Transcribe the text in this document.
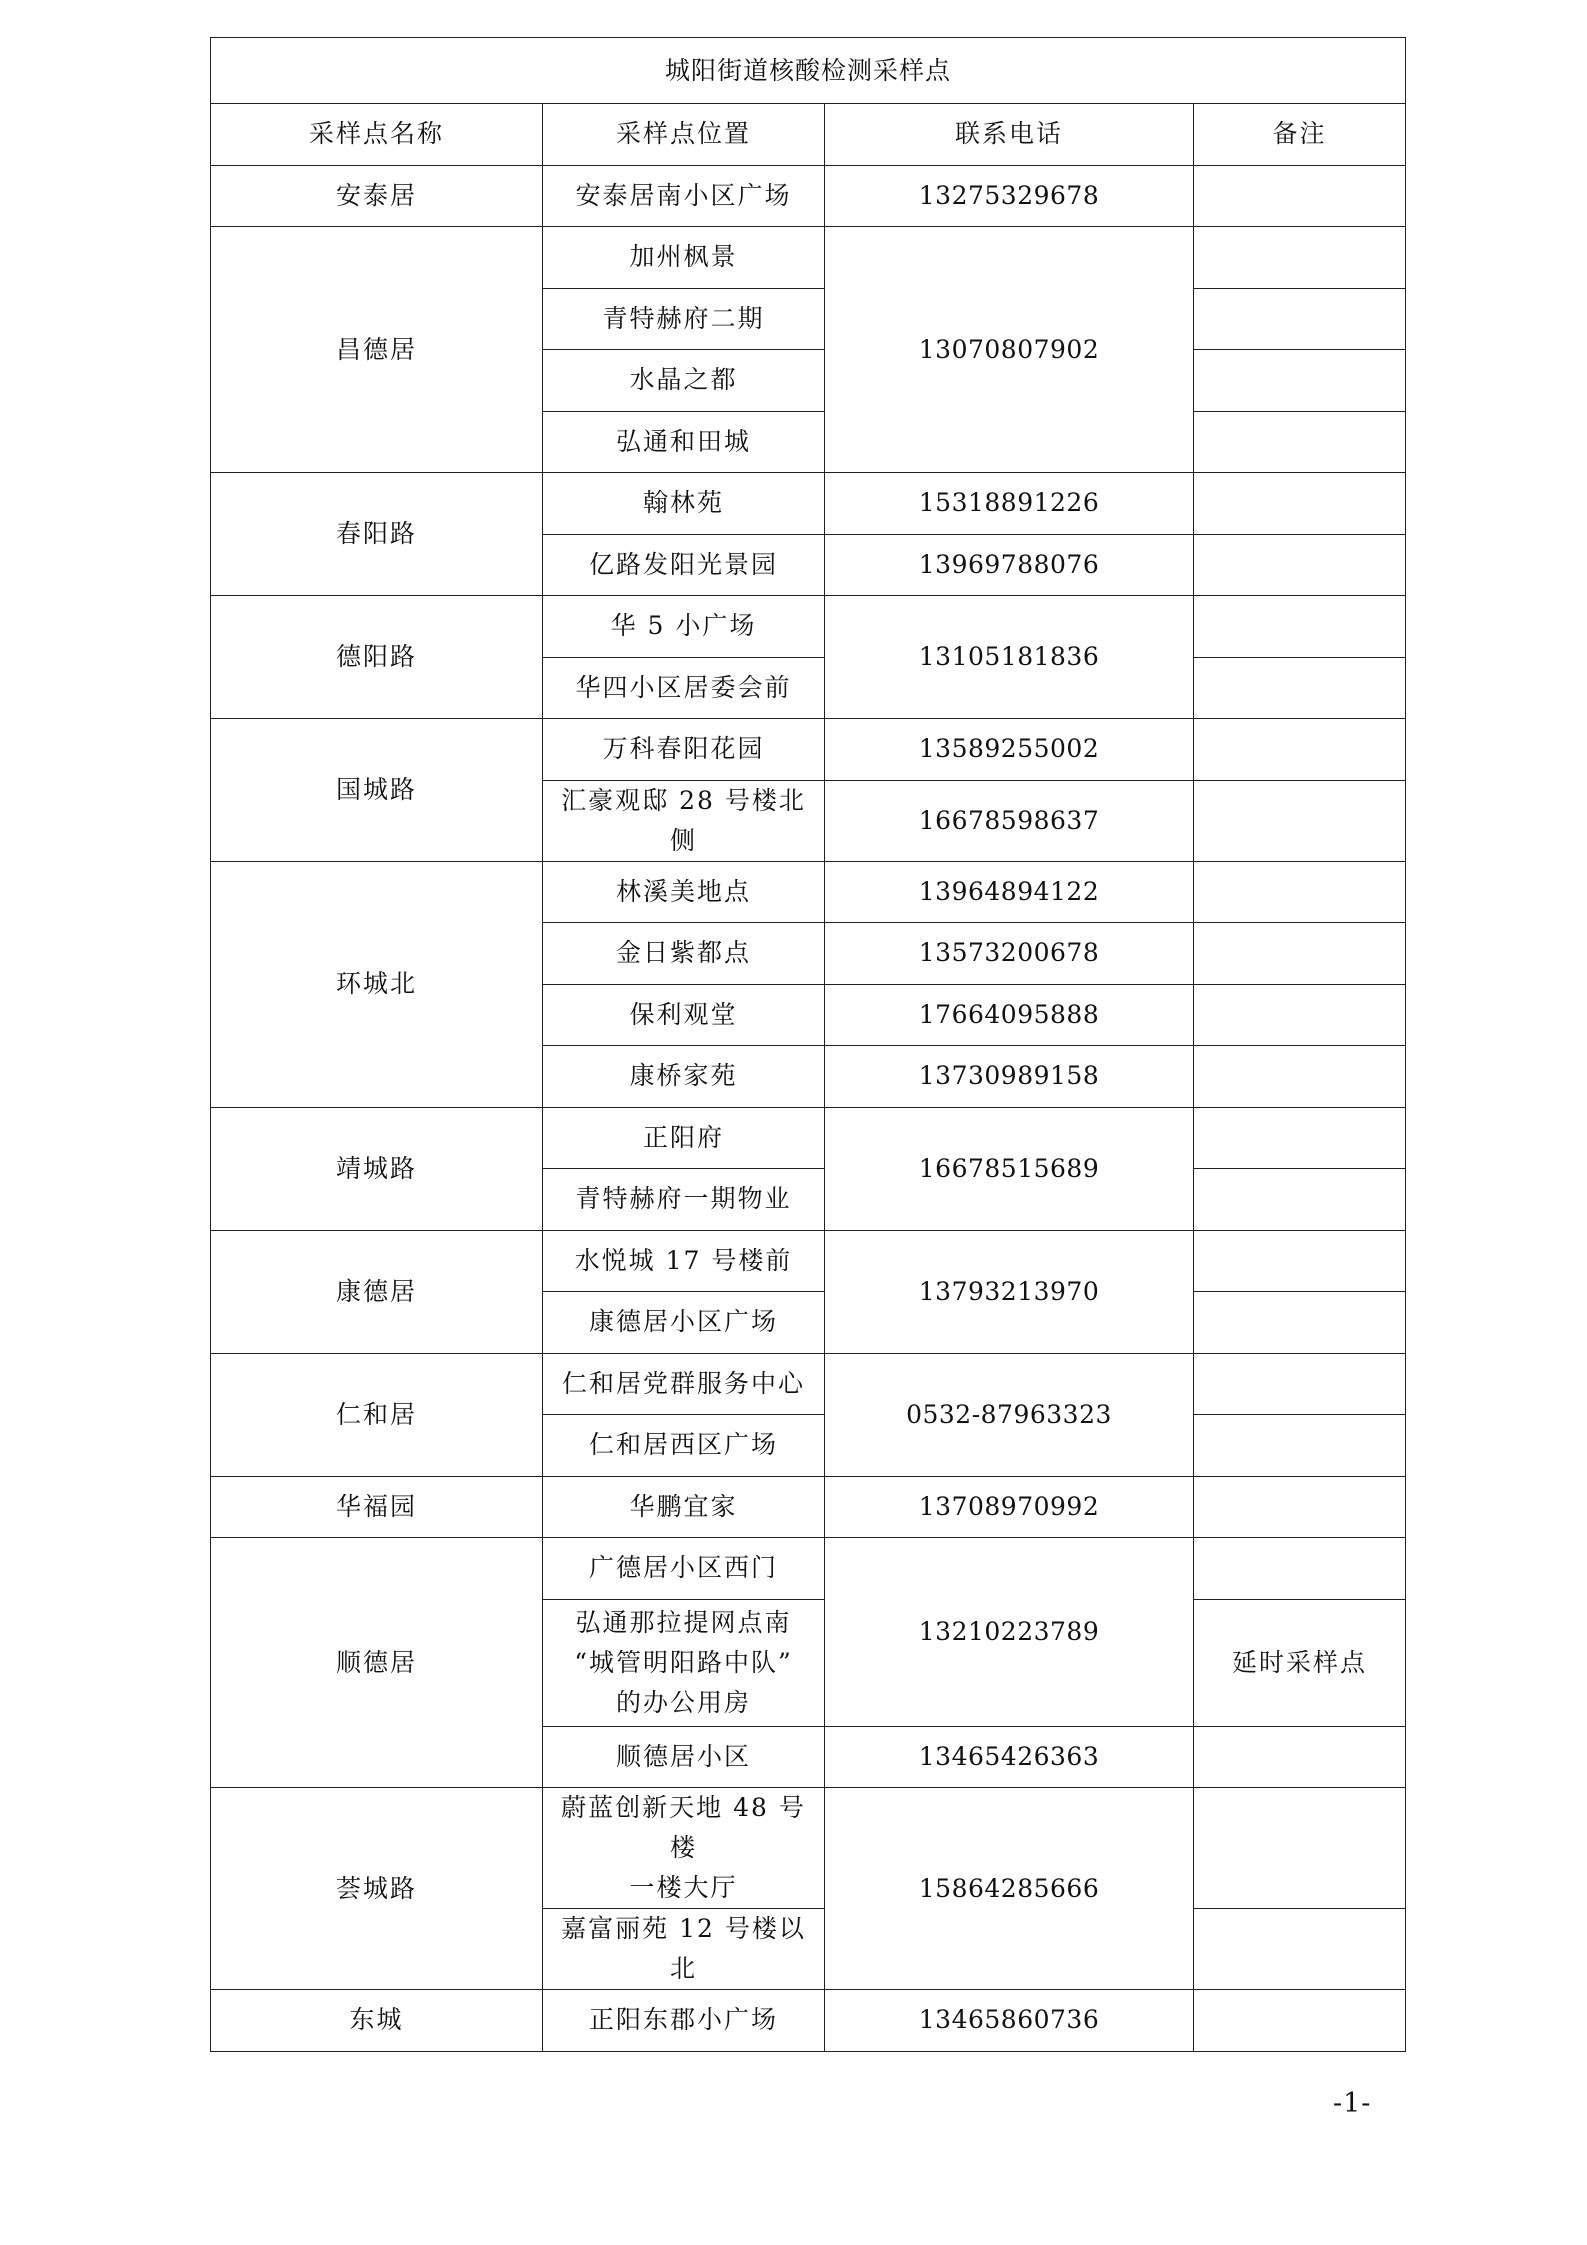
城阳街道核酸检测采样点			
采样点名称	采样点位置	联系电话	备注
安泰居	安泰居南小区广场	13275329678	
昌德居	加州枫景	13070807902	
	青特赫府二期		
	水晶之都		
	弘通和田城		
春阳路	翰林苑	15318891226	
	亿路发阳光景园	13969788076	
德阳路	华 5 小广场	13105181836	
	华四小区居委会前		
国城路	万科春阳花园	13589255002	
	汇豪观邸 28 号楼北侧	16678598637	
环城北	林溪美地点	13964894122	
	金日紫都点	13573200678	
	保利观堂	17664095888	
	康桥家苑	13730989158	
靖城路	正阳府	16678515689	
	青特赫府一期物业		
康德居	水悦城 17 号楼前	13793213970	
	康德居小区广场		
仁和居	仁和居党群服务中心	0532-87963323	
	仁和居西区广场		
华福园	华鹏宜家	13708970992	
顺德居	广德居小区西门	13210223789	

	弘通那拉提网点南
“城管明阳路中队”
的办公用房		延时采样点
	顺德居小区	13465426363	
荟城路	蔚蓝创新天地 48 号楼
一楼大厅	15864285666	
	嘉富丽苑 12 号楼以北		
东城	正阳东郡小广场	13465860736	
-1-
